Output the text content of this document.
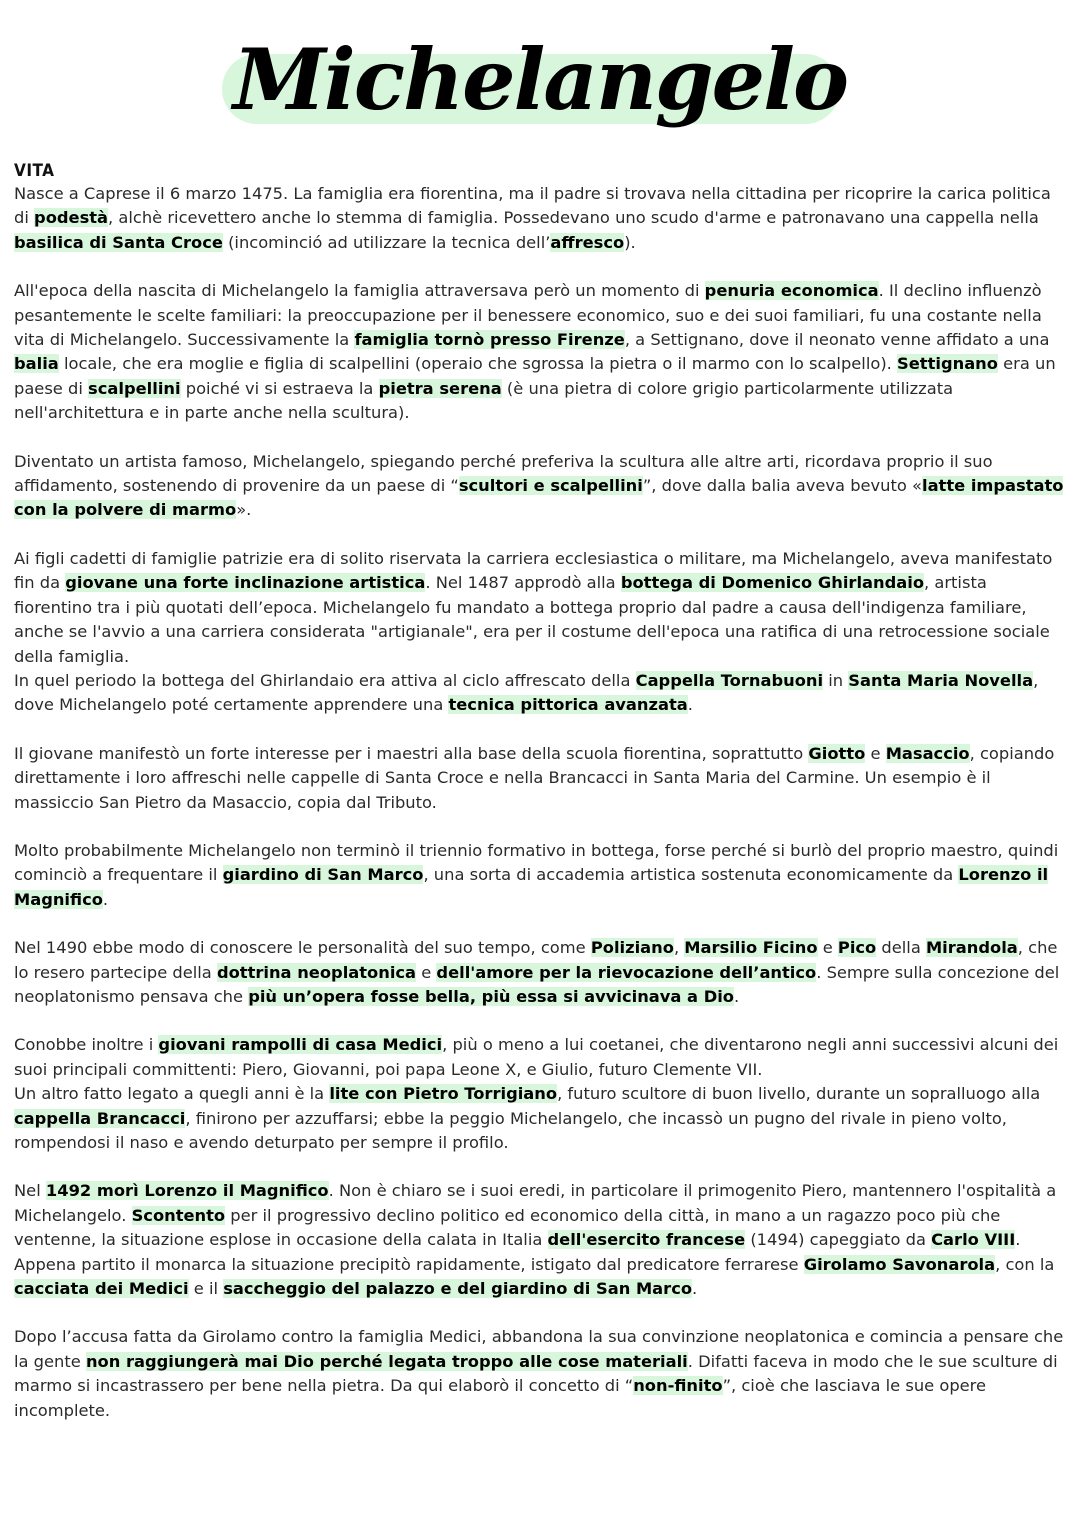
Michelangelo
VITA

Nasce a Caprese il 6 marzo 1475. La famiglia era fiorentina, ma il padre si trovava nella cittadina per ricoprire la carica politica di podestà, alchè ricevettero anche lo stemma di famiglia. Possedevano uno scudo d'arme e patronavano una cappella nella basilica di Santa Croce (incominció ad utilizzare la tecnica dell’affresco).

All'epoca della nascita di Michelangelo la famiglia attraversava però un momento di penuria economica. Il declino influenzò pesantemente le scelte familiari: la preoccupazione per il benessere economico, suo e dei suoi familiari, fu una costante nella vita di Michelangelo. Successivamente la famiglia tornò presso Firenze, a Settignano, dove il neonato venne affidato a una balia locale, che era moglie e figlia di scalpellini (operaio che sgrossa la pietra o il marmo con lo scalpello). Settignano era un paese di scalpellini poiché vi si estraeva la pietra serena (è una pietra di colore grigio particolarmente utilizzata nell'architettura e in parte anche nella scultura).

Diventato un artista famoso, Michelangelo, spiegando perché preferiva la scultura alle altre arti, ricordava proprio il suo affidamento, sostenendo di provenire da un paese di “scultori e scalpellini”, dove dalla balia aveva bevuto «latte impastato con la polvere di marmo».

Ai figli cadetti di famiglie patrizie era di solito riservata la carriera ecclesiastica o militare, ma Michelangelo, aveva manifestato fin da giovane una forte inclinazione artistica. Nel 1487 approdò alla bottega di Domenico Ghirlandaio, artista fiorentino tra i più quotati dell’epoca. Michelangelo fu mandato a bottega proprio dal padre a causa dell'indigenza familiare, anche se l'avvio a una carriera considerata "artigianale", era per il costume dell'epoca una ratifica di una retrocessione sociale della famiglia.
In quel periodo la bottega del Ghirlandaio era attiva al ciclo affrescato della Cappella Tornabuoni in Santa Maria Novella, dove Michelangelo poté certamente apprendere una tecnica pittorica avanzata.

Il giovane manifestò un forte interesse per i maestri alla base della scuola fiorentina, soprattutto Giotto e Masaccio, copiando direttamente i loro affreschi nelle cappelle di Santa Croce e nella Brancacci in Santa Maria del Carmine. Un esempio è il massiccio San Pietro da Masaccio, copia dal Tributo.

Molto probabilmente Michelangelo non terminò il triennio formativo in bottega, forse perché si burlò del proprio maestro, quindi cominciò a frequentare il giardino di San Marco, una sorta di accademia artistica sostenuta economicamente da Lorenzo il Magnifico.

Nel 1490 ebbe modo di conoscere le personalità del suo tempo, come Poliziano, Marsilio Ficino e Pico della Mirandola, che lo resero partecipe della dottrina neoplatonica e dell'amore per la rievocazione dell’antico. Sempre sulla concezione del neoplatonismo pensava che più un’opera fosse bella, più essa si avvicinava a Dio.

Conobbe inoltre i giovani rampolli di casa Medici, più o meno a lui coetanei, che diventarono negli anni successivi alcuni dei suoi principali committenti: Piero, Giovanni, poi papa Leone X, e Giulio, futuro Clemente VII.
Un altro fatto legato a quegli anni è la lite con Pietro Torrigiano, futuro scultore di buon livello, durante un sopralluogo alla cappella Brancacci, finirono per azzuffarsi; ebbe la peggio Michelangelo, che incassò un pugno del rivale in pieno volto, rompendosi il naso e avendo deturpato per sempre il profilo.

Nel 1492 morì Lorenzo il Magnifico. Non è chiaro se i suoi eredi, in particolare il primogenito Piero, mantennero l'ospitalità a Michelangelo. Scontento per il progressivo declino politico ed economico della città, in mano a un ragazzo poco più che ventenne, la situazione esplose in occasione della calata in Italia dell'esercito francese (1494) capeggiato da Carlo VIII.
Appena partito il monarca la situazione precipitò rapidamente, istigato dal predicatore ferrarese Girolamo Savonarola, con la cacciata dei Medici e il saccheggio del palazzo e del giardino di San Marco.

Dopo l’accusa fatta da Girolamo contro la famiglia Medici, abbandona la sua convinzione neoplatonica e comincia a pensare che la gente non raggiungerà mai Dio perché legata troppo alle cose materiali. Difatti faceva in modo che le sue sculture di marmo si incastrassero per bene nella pietra. Da qui elaborò il concetto di “non-finito”, cioè che lasciava le sue opere incomplete.
